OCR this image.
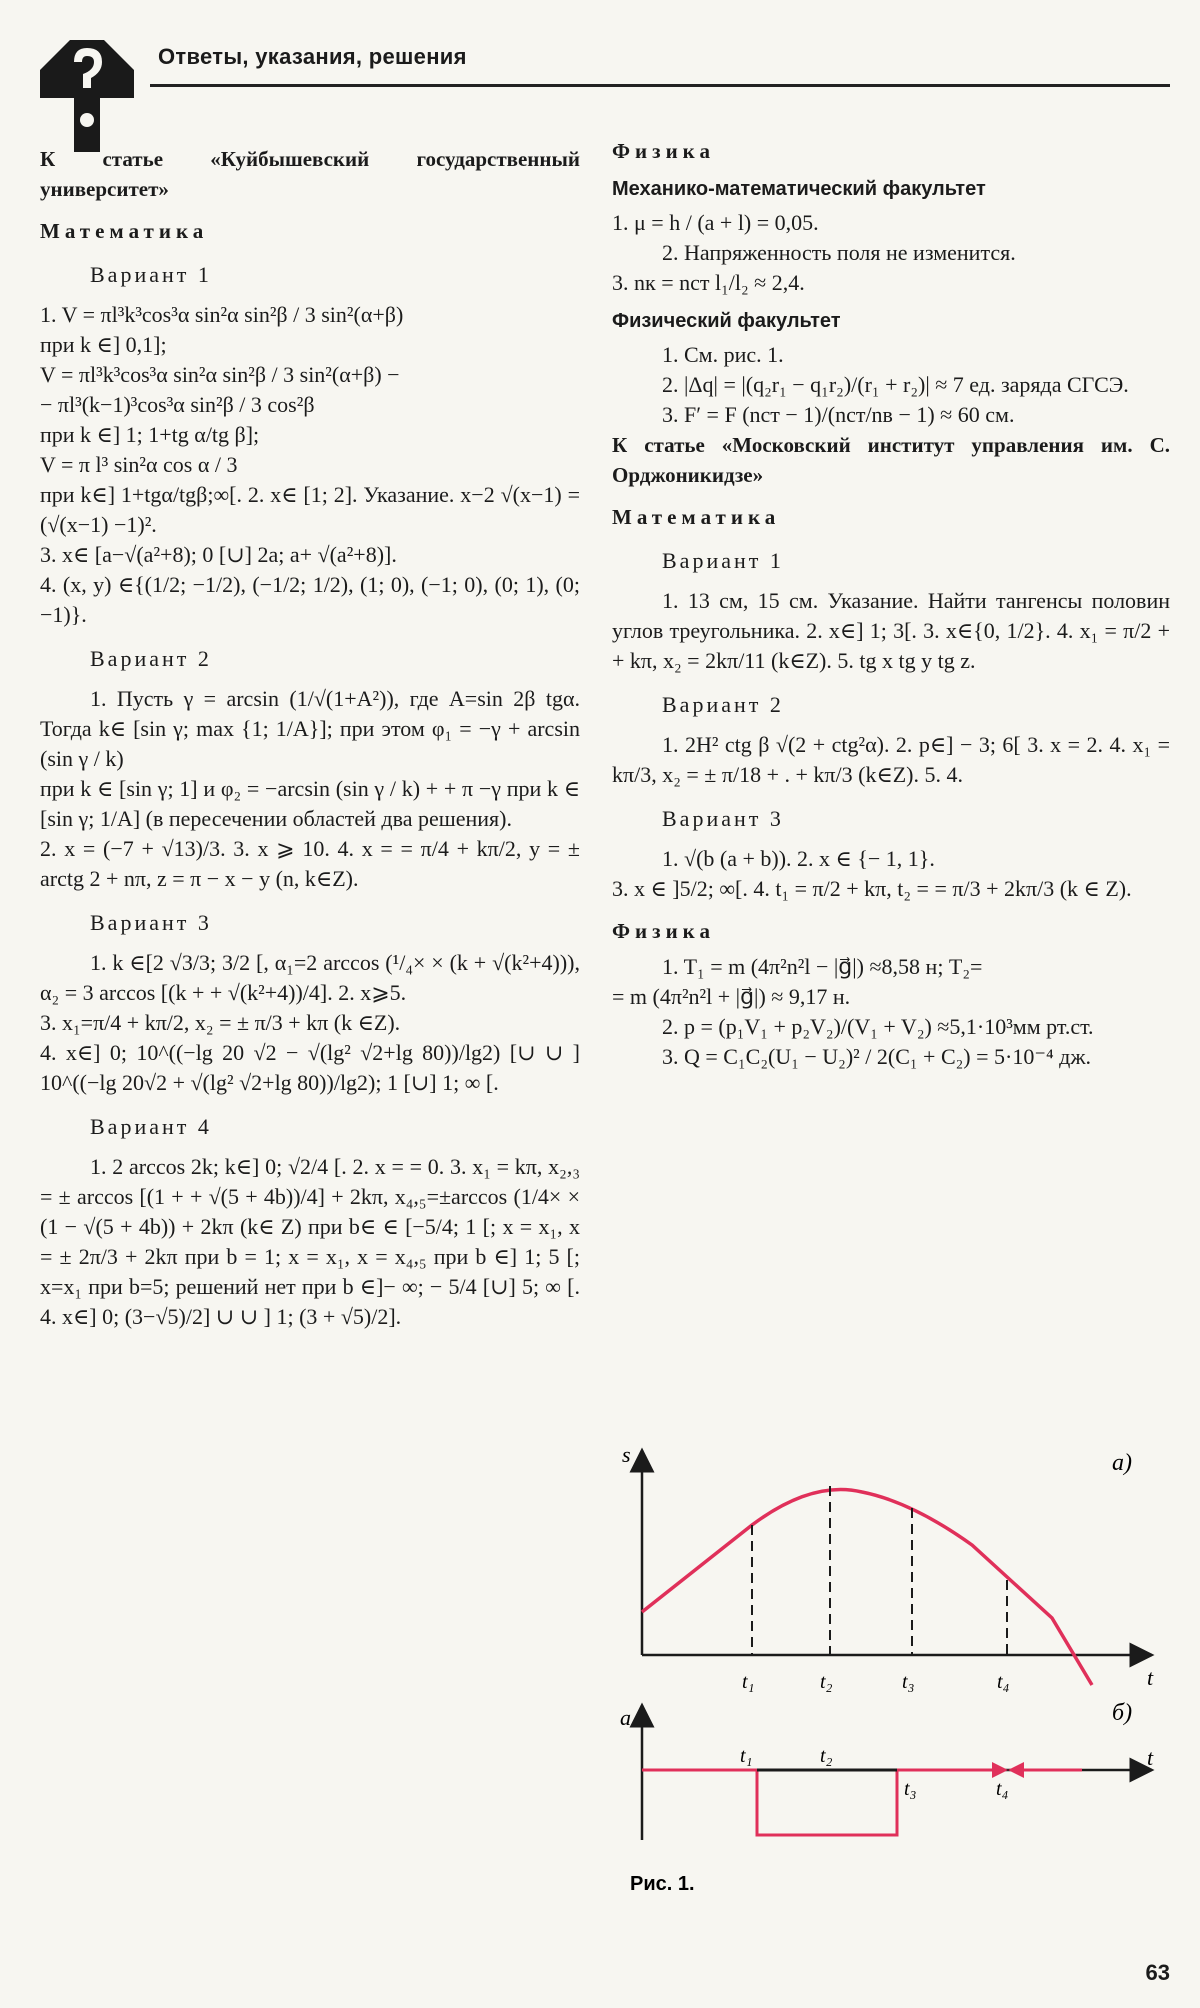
Ответы, указания, решения

К статье «Куйбышевский государственный университет»

Математика
Вариант 1

1. V = πl³k³cos³α sin²α sin²β / 3 sin²(α+β)

при k ∈] 0,1];

V = πl³k³cos³α sin²α sin²β / 3 sin²(α+β) −

− πl³(k−1)³cos³α sin²β / 3 cos²β

при k ∈] 1; 1+tg α/tg β];

V = π l³ sin²α cos α / 3

при k∈] 1+tgα/tgβ;∞[. 2. x∈ [1; 2]. Указание. x−2 √(x−1) = (√(x−1) −1)².

3. x∈ [a−√(a²+8); 0 [∪] 2a; a+ √(a²+8)].

4. (x, y) ∈{(1/2; −1/2), (−1/2; 1/2), (1; 0), (−1; 0), (0; 1), (0; −1)}.

Вариант 2

1. Пусть γ = arcsin (1/√(1+A²)), где A=sin 2β tgα. Тогда k∈ [sin γ; max {1; 1/A}]; при этом φ₁ = −γ + arcsin (sin γ / k)

при k ∈ [sin γ; 1] и φ₂ = −arcsin (sin γ / k) + + π −γ при k ∈ [sin γ; 1/A] (в пересечении областей два решения).

2. x = (−7 + √13)/3. 3. x ⩾ 10. 4. x = = π/4 + kπ/2, y = ± arctg 2 + nπ, z = π − x − y (n, k∈Z).

Вариант 3

1. k ∈[2 √3/3; 3/2 [, α₁=2 arccos (¹/₄× × (k + √(k²+4))), α₂ = 3 arccos [(k + + √(k²+4))/4]. 2. x⩾5.

3. x₁=π/4 + kπ/2, x₂ = ± π/3 + kπ (k ∈Z).

4. x∈] 0; 10^((−lg 20 √2 − √(lg² √2+lg 80))/lg2) [∪ ∪ ] 10^((−lg 20√2 + √(lg² √2+lg 80))/lg2); 1 [∪] 1; ∞ [.

Вариант 4

1. 2 arccos 2k; k∈] 0; √2/4 [. 2. x = = 0. 3. x₁ = kπ, x₂,₃ = ± arccos [(1 + + √(5 + 4b))/4] + 2kπ, x₄,₅=±arccos (1/4× × (1 − √(5 + 4b)) + 2kπ (k∈ Z) при b∈ ∈ [−5/4; 1 [; x = x₁, x = ± 2π/3 + 2kπ при b = 1; x = x₁, x = x₄,₅ при b ∈] 1; 5 [; x=x₁ при b=5; решений нет при b ∈]− ∞; − 5/4 [∪] 5; ∞ [. 4. x∈] 0; (3−√5)/2] ∪ ∪ ] 1; (3 + √5)/2].

Физика
Механико-математический факультет

1. μ = h / (a + l) = 0,05.

2. Напряженность поля не изменится.

3. nк = nст l₁/l₂ ≈ 2,4.

Физический факультет

1. См. рис. 1.

2. |Δq| = |(q₂r₁ − q₁r₂)/(r₁ + r₂)| ≈ 7 ед. заряда СГСЭ.

3. F′ = F (nст − 1)/(nст/nв − 1) ≈ 60 см.

К статье «Московский институт управления им. С. Орджоникидзе»

Математика
Вариант 1

1. 13 см, 15 см. Указание. Найти тангенсы половин углов треугольника. 2. x∈] 1; 3[. 3. x∈{0, 1/2}. 4. x₁ = π/2 + + kπ, x₂ = 2kπ/11 (k∈Z). 5. tg x tg y tg z.

Вариант 2

1. 2H² ctg β √(2 + ctg²α). 2. p∈] − 3; 6[ 3. x = 2. 4. x₁ = kπ/3, x₂ = ± π/18 + . + kπ/3 (k∈Z). 5. 4.

Вариант 3

1. √(b (a + b)). 2. x ∈ {− 1, 1}.

3. x ∈ ]5/2; ∞[. 4. t₁ = π/2 + kπ, t₂ = = π/3 + 2kπ/3 (k ∈ Z).

Физика

1. T₁ = m (4π²n²l − |g⃗|) ≈8,58 н; T₂=

= m (4π²n²l + |g⃗|) ≈ 9,17 н.

2. p = (p₁V₁ + p₂V₂)/(V₁ + V₂) ≈5,1·10³мм рт.ст.

3. Q = C₁C₂(U₁ − U₂)² / 2(C₁ + C₂) = 5·10⁻⁴ дж.

s
t
а)
t₁	t₂	t₃	t₄
a
t
б)
t₁	t₂
t₃	t₄
Рис. 1.
63
